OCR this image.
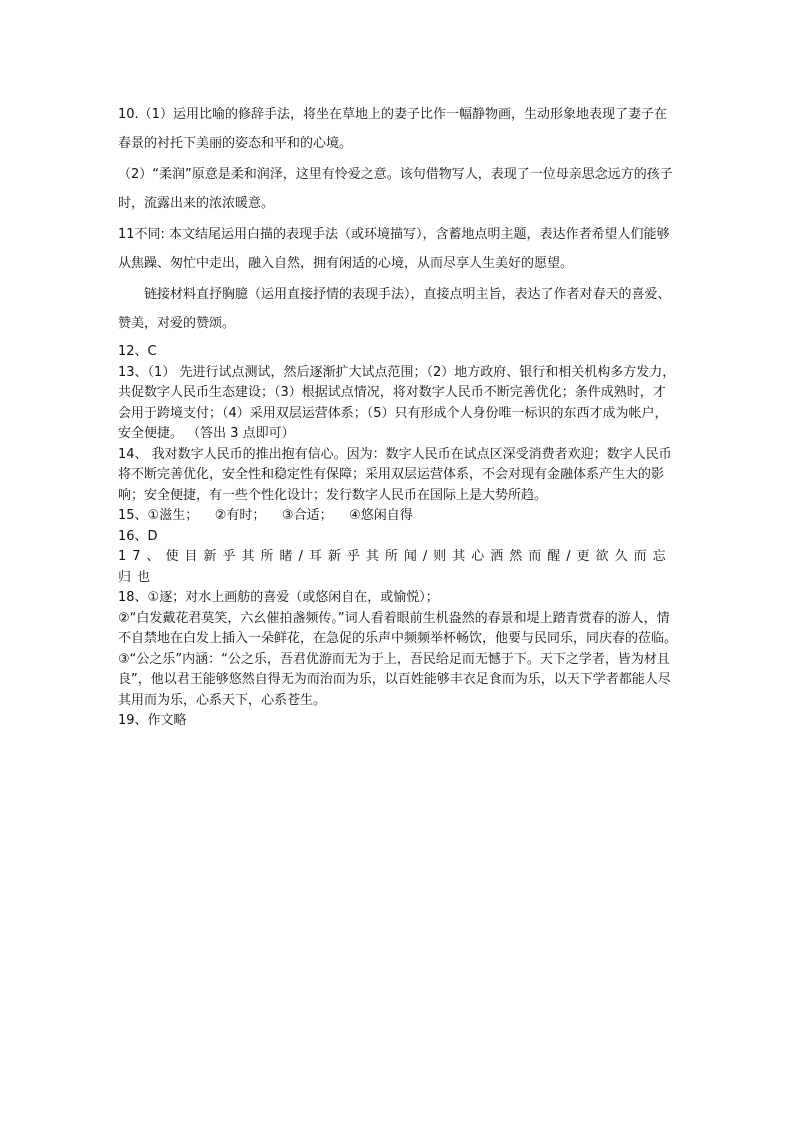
10.（1）运用比喻的修辞手法，将坐在草地上的妻子比作一幅静物画，生动形象地表现了妻子在春景的衬托下美丽的姿态和平和的心境。

（2）“柔润”原意是柔和润泽，这里有怜爱之意。该句借物写人，表现了一位母亲思念远方的孩子时，流露出来的浓浓暖意。

11不同: 本文结尾运用白描的表现手法（或环境描写），含蓄地点明主题，表达作者希望人们能够从焦躁、匆忙中走出，融入自然，拥有闲适的心境，从而尽享人生美好的愿望。

链接材料直抒胸臆（运用直接抒情的表现手法），直接点明主旨，表达了作者对春天的喜爱、赞美，对爱的赞颂。

12、C

13、（1） 先进行试点测试，然后逐渐扩大试点范围；（2）地方政府、银行和相关机构多方发力，共促数字人民币生态建设；（3）根据试点情况，将对数字人民币不断完善优化；条件成熟时，才会用于跨境支付；（4）采用双层运营体系；（5）只有形成个人身份唯一标识的东西才成为帐户，安全便捷。 （答出 3 点即可）

14、 我对数字人民币的推出抱有信心。因为：数字人民币在试点区深受消费者欢迎；数字人民币将不断完善优化，安全性和稳定性有保障；采用双层运营体系，不会对现有金融体系产生大的影响；安全便捷，有一些个性化设计；发行数字人民币在国际上是大势所趋。

15、①滋生；    ②有时；    ③合适；    ④悠闲自得

16、D

17、使目新乎其所睹/耳新乎其所闻/则其心洒然而醒/更欲久而忘归也

18、①逐；对水上画舫的喜爱（或悠闲自在，或愉悦）；

②“白发戴花君莫笑，六幺催拍盏频传。”词人看着眼前生机盎然的春景和堤上踏青赏春的游人，情不自禁地在白发上插入一朵鲜花，在急促的乐声中频频举杯畅饮，他要与民同乐，同庆春的莅临。

③“公之乐”内涵：“公之乐，吾君优游而无为于上，吾民给足而无憾于下。天下之学者，皆为材且良”，他以君王能够悠然自得无为而治而为乐，以百姓能够丰衣足食而为乐，以天下学者都能人尽其用而为乐，心系天下，心系苍生。

19、作文略
